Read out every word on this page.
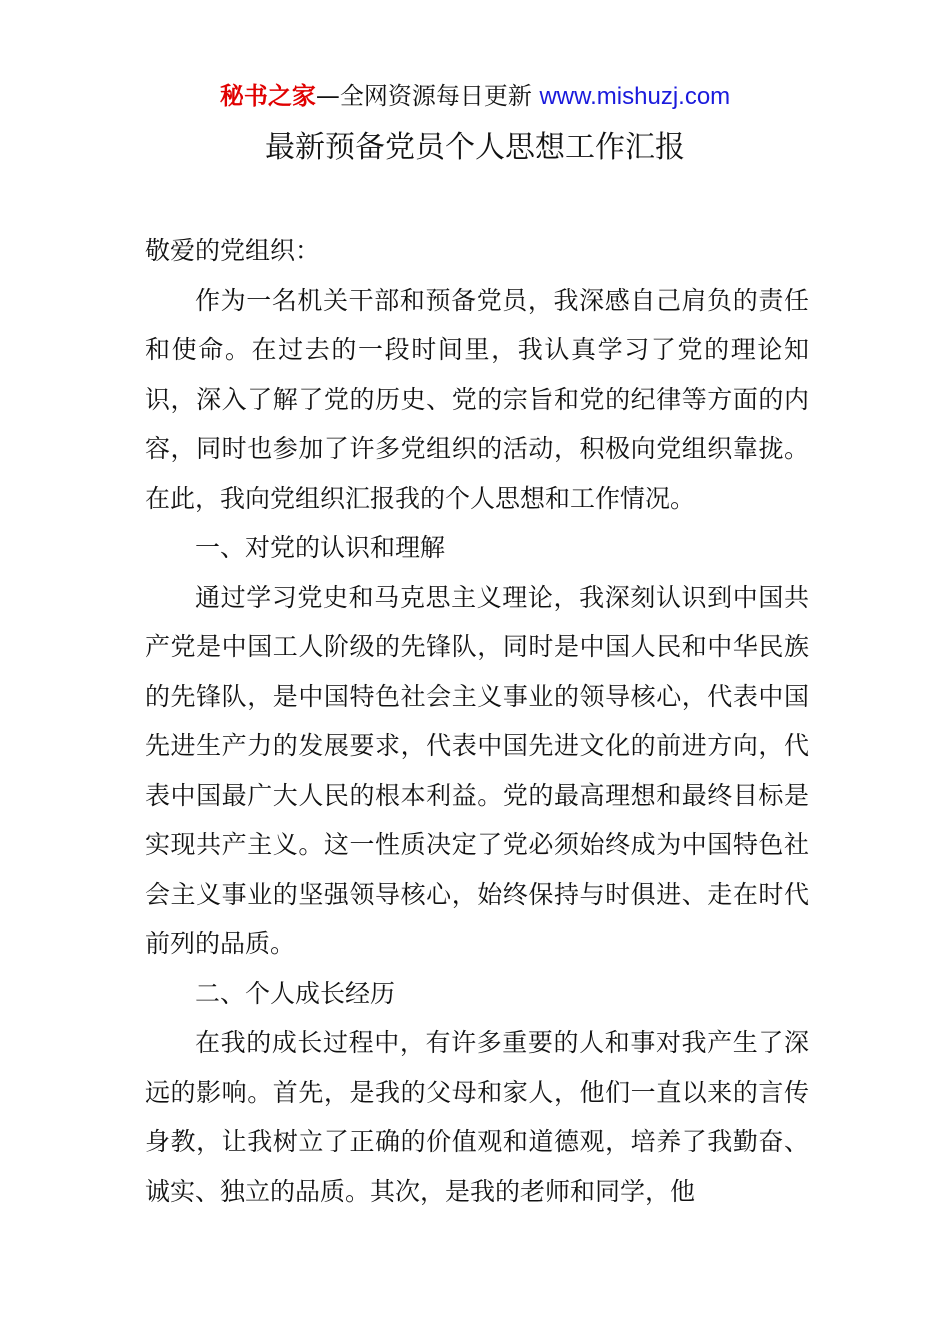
秘书之家—全网资源每日更新 www.mishuzj.com
最新预备党员个人思想工作汇报

敬爱的党组织：

作为一名机关干部和预备党员，我深感自己肩负的责任和使命。在过去的一段时间里，我认真学习了党的理论知识，深入了解了党的历史、党的宗旨和党的纪律等方面的内容，同时也参加了许多党组织的活动，积极向党组织靠拢。在此，我向党组织汇报我的个人思想和工作情况。

一、对党的认识和理解

通过学习党史和马克思主义理论，我深刻认识到中国共产党是中国工人阶级的先锋队，同时是中国人民和中华民族的先锋队，是中国特色社会主义事业的领导核心，代表中国先进生产力的发展要求，代表中国先进文化的前进方向，代表中国最广大人民的根本利益。党的最高理想和最终目标是实现共产主义。这一性质决定了党必须始终成为中国特色社会主义事业的坚强领导核心，始终保持与时俱进、走在时代前列的品质。

二、个人成长经历

在我的成长过程中，有许多重要的人和事对我产生了深远的影响。首先，是我的父母和家人，他们一直以来的言传身教，让我树立了正确的价值观和道德观，培养了我勤奋、诚实、独立的品质。其次，是我的老师和同学，他
